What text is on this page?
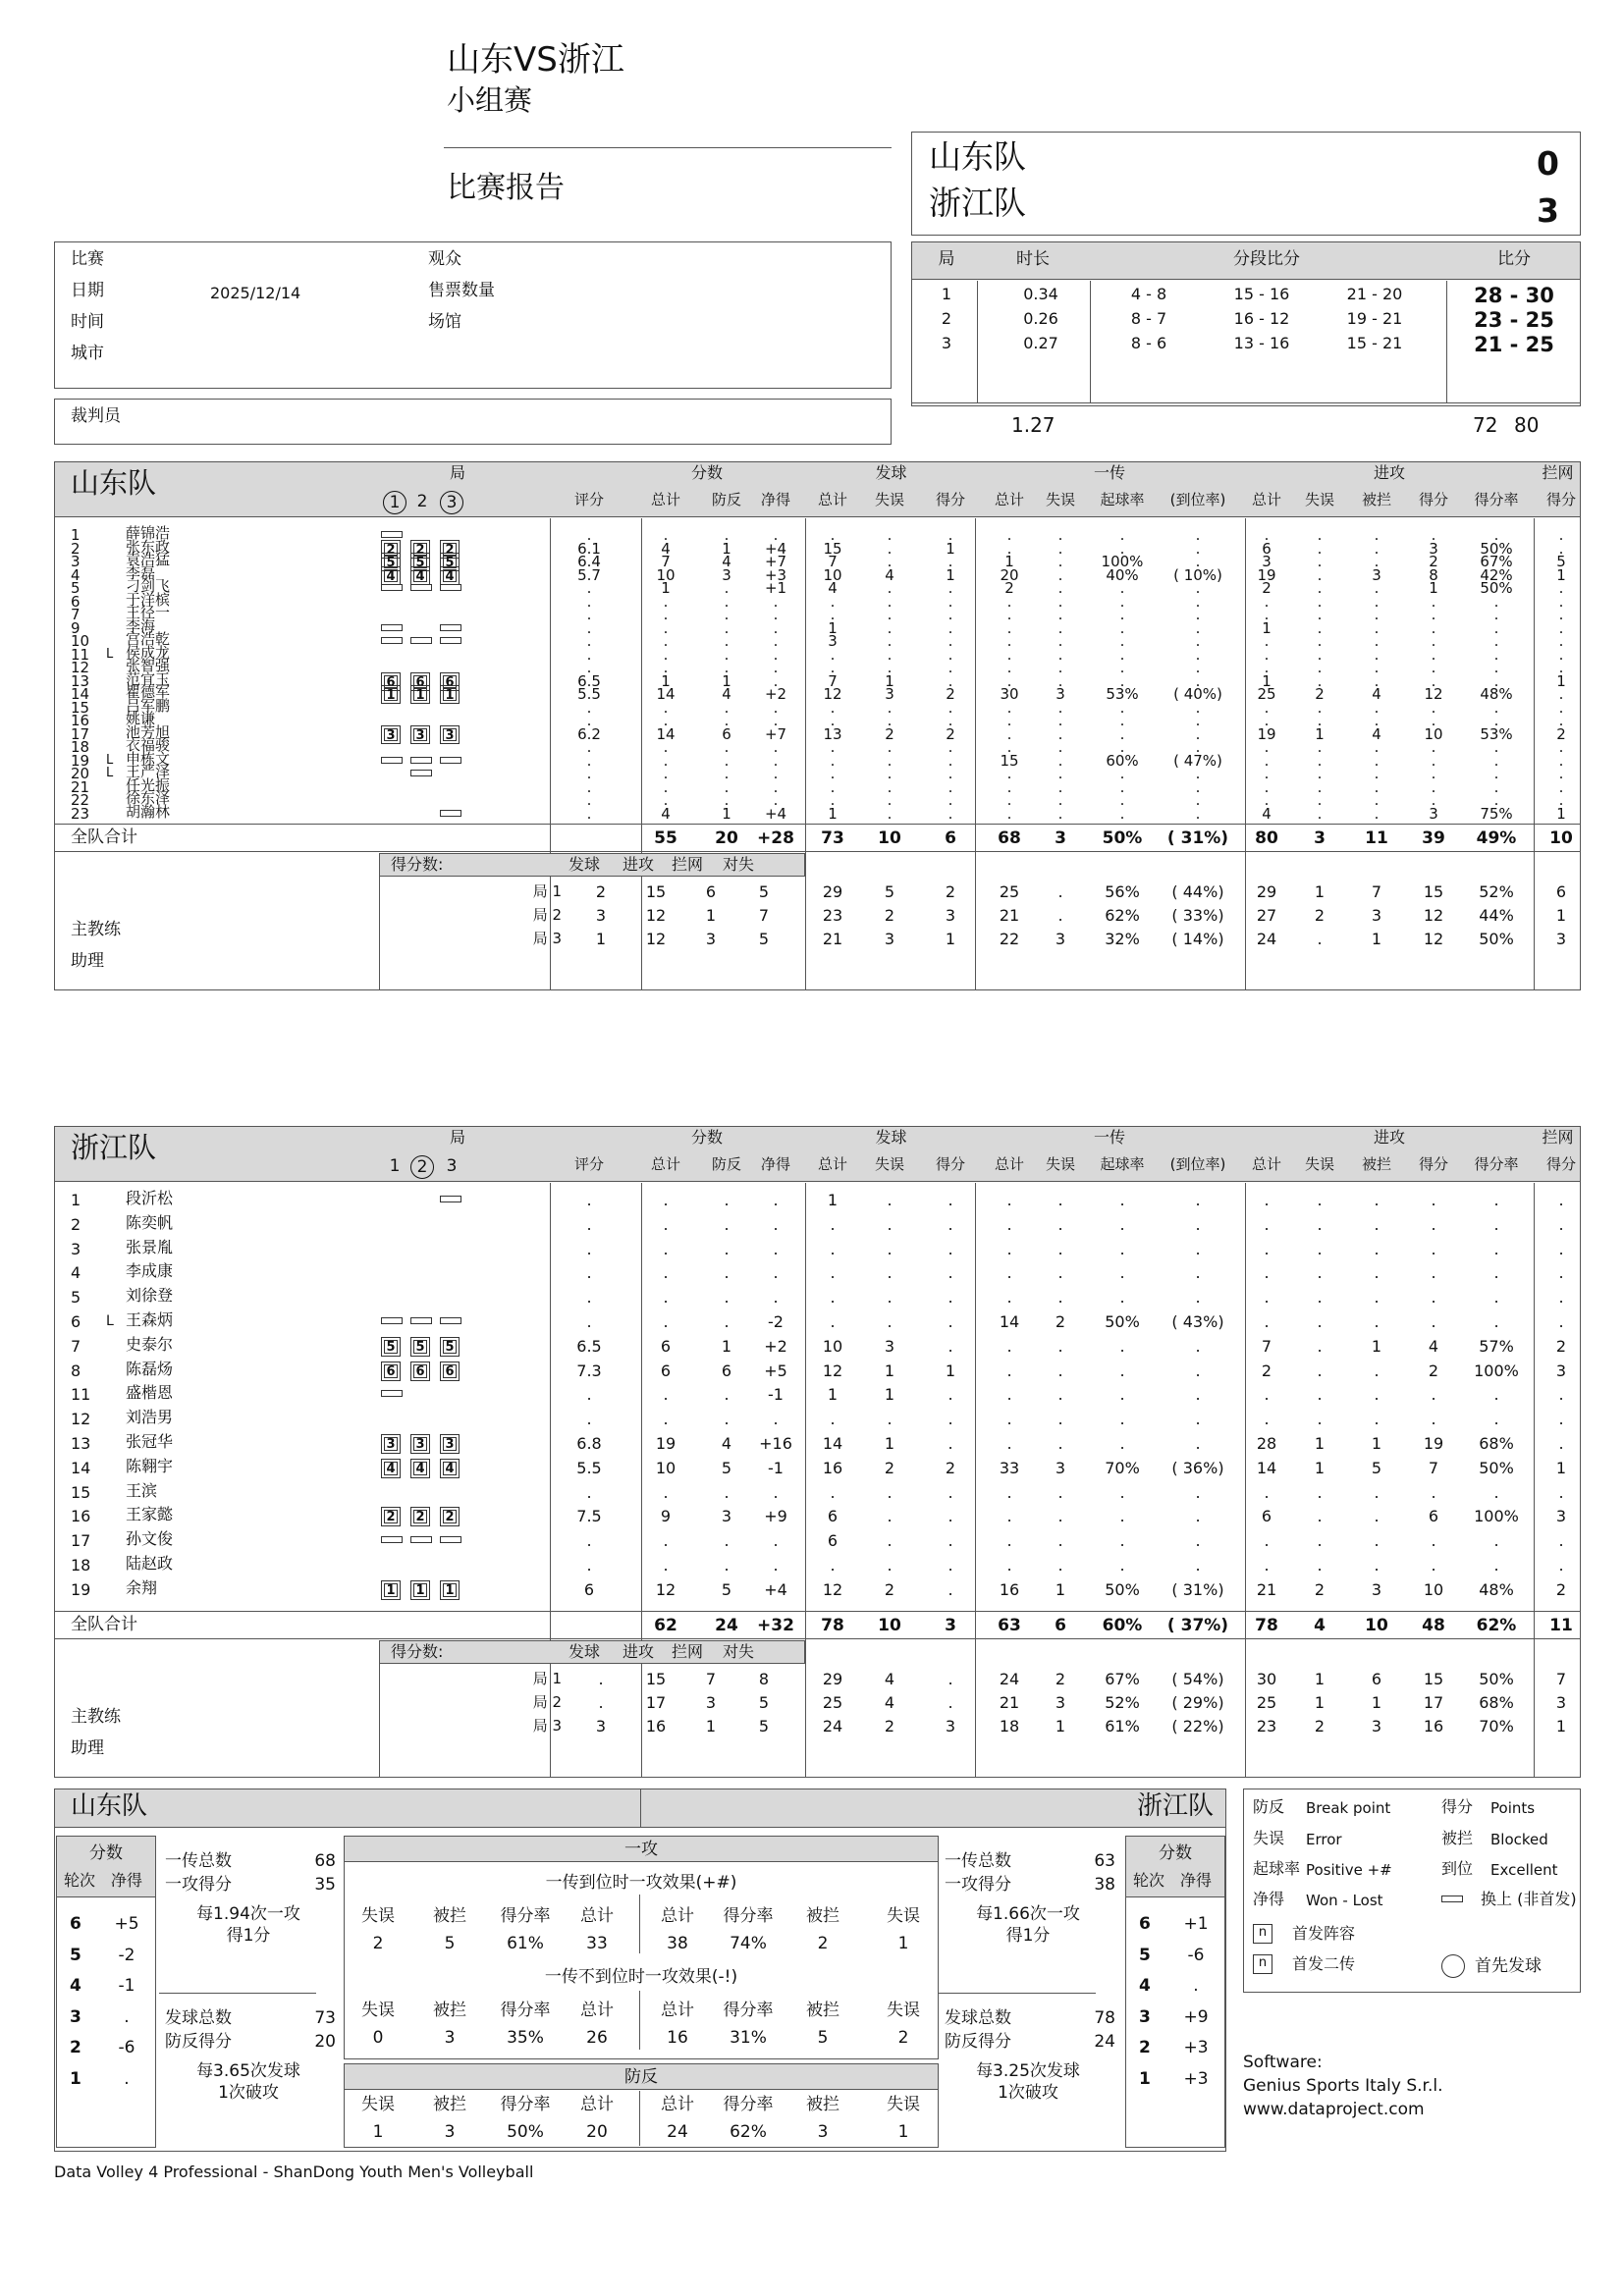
山东VS浙江
小组赛
比赛报告
山东队	0
浙江队	3
比赛
日期	2025/12/14
时间
城市
观众
售票数量
场馆
裁判员
局	时长	分段比分	比分
1	0.34	4 - 8	15 - 16	21 - 20	28 - 30
2	0.26	8 - 7	16 - 12	19 - 21	23 - 25
3	0.27	8 - 6	13 - 16	15 - 21	21 - 25
1.27	72 80
山东队	局
1	2	3
分数	发球	一传	进攻	拦网
评分	总计	防反	净得	总计	失误	得分	总计	失误	起球率	(到位率)	总计	失误	被拦	得分	得分率	得分
1	薛锦浩	.	.	.	.	.	.	.	.	.	.	.	.	.	.	.	.	.
2	张东政	2 2 2	6.1	4	1	+4	15	.	1	.	.	.	.	6	.	.	3	50%	.
3	袁浩猛	5 5 5	6.4	7	4	+7	7	.	.	1	.	100%	.	3	.	.	2	67%	5
4	李磊	4 4 4	5.7	10	3	+3	10	4	1	20	.	40%	( 10%)	19	.	3	8	42%	1
5	刁剑飞	.	1	.	+1	4	.	.	2	.	.	.	2	.	.	1	50%	.
6	于洋槟	.	.	.	.	.	.	.	.	.	.	.	.	.	.	.	.	.
7	王径一	.	.	.	.	.	.	.	.	.	.	.	.	.	.	.	.	.
9	李海	.	.	.	.	1	.	.	.	.	.	.	1	.	.	.	.	.
10	宫浩乾	.	.	.	.	3	.	.	.	.	.	.	.	.	.	.	.	.
11	L 侯成龙	.	.	.	.	.	.	.	.	.	.	.	.	.	.	.	.	.
12	张智强	.	.	.	.	.	.	.	.	.	.	.	.	.	.	.	.	.
13	范宜玉	6 6 6	6.5	1	1	.	7	1	.	.	.	.	.	1	.	.	.	.	1
14	瞿德军	1 1 1	5.5	14	4	+2	12	3	2	30	3	53%	( 40%)	25	2	4	12	48%	.
15	吕军鹏	.	.	.	.	.	.	.	.	.	.	.	.	.	.	.	.	.
16	姚谦	.	.	.	.	.	.	.	.	.	.	.	.	.	.	.	.	.
17	池芳旭	3 3 3	6.2	14	6	+7	13	2	2	.	.	.	.	19	1	4	10	53%	2
18	衣福骏	.	.	.	.	.	.	.	.	.	.	.	.	.	.	.	.	.
19	L 申栋文	.	.	.	.	.	.	.	15	.	60%	( 47%)	.	.	.	.	.	.
20	L 王严泽	.	.	.	.	.	.	.	.	.	.	.	.	.	.	.	.	.
21	任光振	.	.	.	.	.	.	.	.	.	.	.	.	.	.	.	.	.
22	徐东泽	.	.	.	.	.	.	.	.	.	.	.	.	.	.	.	.	.
23	胡瀚林	.	4	1	+4	1	.	.	.	.	.	.	4	.	.	3	75%	1
全队合计	55	20	+28	73	10	6	68	3	50%	( 31%)	80	3	11	39	49%	10
得分数:	发球	进攻	拦网	对失
局 1	2	15	6	5	29	5	2	25	.	56%	( 44%)	29	1	7	15	52%	6
局 2	3	12	1	7	23	2	3	21	.	62%	( 33%)	27	2	3	12	44%	1
局 3	1	12	3	5	21	3	1	22	3	32%	( 14%)	24	.	1	12	50%	3
主教练
助理
浙江队	局
1	2	3
分数	发球	一传	进攻	拦网
评分	总计	防反	净得	总计	失误	得分	总计	失误	起球率	(到位率)	总计	失误	被拦	得分	得分率	得分
1	段沂松	.	.	.	.	1	.	.	.	.	.	.	.	.	.	.	.	.
2	陈奕帆	.	.	.	.	.	.	.	.	.	.	.	.	.	.	.	.	.
3	张景胤	.	.	.	.	.	.	.	.	.	.	.	.	.	.	.	.	.
4	李成康	.	.	.	.	.	.	.	.	.	.	.	.	.	.	.	.	.
5	刘徐登	.	.	.	.	.	.	.	.	.	.	.	.	.	.	.	.	.
6	L 王森炳	.	.	.	-2	.	.	.	14	2	50%	( 43%)	.	.	.	.	.	.
7	史泰尔	5 5 5	6.5	6	1	+2	10	3	.	.	.	.	.	7	.	1	4	57%	2
8	陈磊炀	6 6 6	7.3	6	6	+5	12	1	1	.	.	.	.	2	.	.	2	100%	3
11	盛楷恩	.	.	.	-1	1	1	.	.	.	.	.	.	.	.	.	.	.
12	刘浩男	.	.	.	.	.	.	.	.	.	.	.	.	.	.	.	.	.
13	张冠华	3 3 3	6.8	19	4	+16	14	1	.	.	.	.	.	28	1	1	19	68%	.
14	陈翱宇	4 4 4	5.5	10	5	-1	16	2	2	33	3	70%	( 36%)	14	1	5	7	50%	1
15	王滨	.	.	.	.	.	.	.	.	.	.	.	.	.	.	.	.	.
16	王家懿	2 2 2	7.5	9	3	+9	6	.	.	.	.	.	.	6	.	.	6	100%	3
17	孙文俊	.	.	.	.	6	.	.	.	.	.	.	.	.	.	.	.	.
18	陆赵政	.	.	.	.	.	.	.	.	.	.	.	.	.	.	.	.	.
19	余翔	1 1 1	6	12	5	+4	12	2	.	16	1	50%	( 31%)	21	2	3	10	48%	2
全队合计	62	24	+32	78	10	3	63	6	60%	( 37%)	78	4	10	48	62%	11
得分数:	发球	进攻	拦网	对失
局 1	.	15	7	8	29	4	.	24	2	67%	( 54%)	30	1	6	15	50%	7
局 2	.	17	3	5	25	4	.	21	3	52%	( 29%)	25	1	1	17	68%	3
局 3	3	16	1	5	24	2	3	18	1	61%	( 22%)	23	2	3	16	70%	1
主教练
助理
山东队	浙江队
分数
轮次 净得
6	+5
5	-2
4	-1
3	.
2	-6
1	.
分数
轮次 净得
6	+1
5	-6
4	.
3	+9
2	+3
1	+3
一传总数	68
一攻得分	35
每1.94次一攻
得1分
发球总数	73
防反得分	20
每3.65次发球
1次破攻
一传总数	63
一攻得分	38
每1.66次一攻
得1分
发球总数	78
防反得分	24
每3.25次发球
1次破攻
一攻
一传到位时一攻效果(+#)
一传不到位时一攻效果(-!)
失误	被拦	得分率	总计	总计	得分率	被拦	失误
2	5	61%	33	38	74%	2	1
失误	被拦	得分率	总计	总计	得分率	被拦	失误
0	3	35%	26	16	31%	5	2
防反
失误	被拦	得分率	总计	总计	得分率	被拦	失误
1	3	50%	20	24	62%	3	1
防反 Break point	得分 Points
失误 Error	被拦 Blocked
起球率 Positive +#	到位 Excellent
净得 Won - Lost	换上 (非首发)
n	首发阵容
n	首发二传	首先发球
Software:
Genius Sports Italy S.r.l.
www.dataproject.com
Data Volley 4 Professional - ShanDong Youth Men's Volleyball
